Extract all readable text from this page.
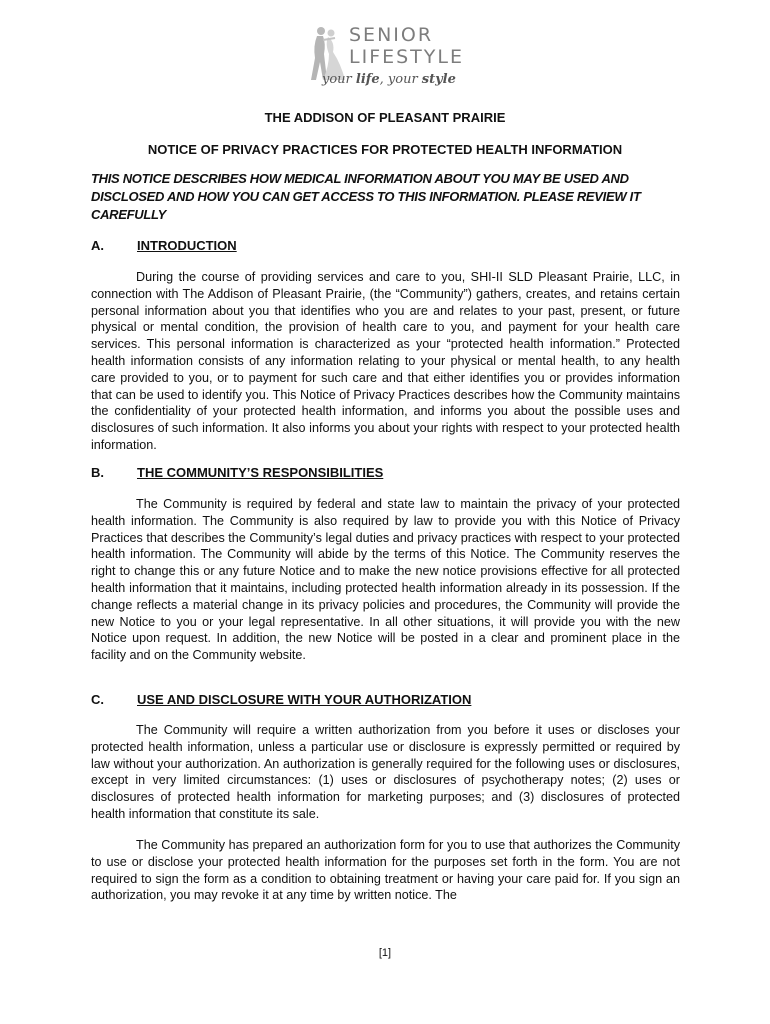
SENIOR
LIFESTYLE
your life, your style
THE ADDISON OF PLEASANT PRAIRIE
NOTICE OF PRIVACY PRACTICES FOR PROTECTED HEALTH INFORMATION
THIS NOTICE DESCRIBES HOW MEDICAL INFORMATION ABOUT YOU MAY BE USED AND DISCLOSED AND HOW YOU CAN GET ACCESS TO THIS INFORMATION. PLEASE REVIEW IT CAREFULLY
A.	INTRODUCTION
During the course of providing services and care to you, SHI-II SLD Pleasant Prairie, LLC, in connection with The Addison of Pleasant Prairie, (the “Community”) gathers, creates, and retains certain personal information about you that identifies who you are and relates to your past, present, or future physical or mental condition, the provision of health care to you, and payment for your health care services. This personal information is characterized as your “protected health information.” Protected health information consists of any information relating to your physical or mental health, to any health care provided to you, or to payment for such care and that either identifies you or provides information that can be used to identify you. This Notice of Privacy Practices describes how the Community maintains the confidentiality of your protected health information, and informs you about the possible uses and disclosures of such information. It also informs you about your rights with respect to your protected health information.
B.	THE COMMUNITY’S RESPONSIBILITIES
The Community is required by federal and state law to maintain the privacy of your protected health information. The Community is also required by law to provide you with this Notice of Privacy Practices that describes the Community’s legal duties and privacy practices with respect to your protected health information. The Community will abide by the terms of this Notice. The Community reserves the right to change this or any future Notice and to make the new notice provisions effective for all protected health information that it maintains, including protected health information already in its possession. If the change reflects a material change in its privacy policies and procedures, the Community will provide the new Notice to you or your legal representative. In all other situations, it will provide you with the new Notice upon request. In addition, the new Notice will be posted in a clear and prominent place in the facility and on the Community website.
C.	USE AND DISCLOSURE WITH YOUR AUTHORIZATION
The Community will require a written authorization from you before it uses or discloses your protected health information, unless a particular use or disclosure is expressly permitted or required by law without your authorization. An authorization is generally required for the following uses or disclosures, except in very limited circumstances: (1) uses or disclosures of psychotherapy notes; (2) uses or disclosures of protected health information for marketing purposes; and (3) disclosures of protected health information that constitute its sale.
The Community has prepared an authorization form for you to use that authorizes the Community to use or disclose your protected health information for the purposes set forth in the form. You are not required to sign the form as a condition to obtaining treatment or having your care paid for. If you sign an authorization, you may revoke it at any time by written notice. The
[1]
